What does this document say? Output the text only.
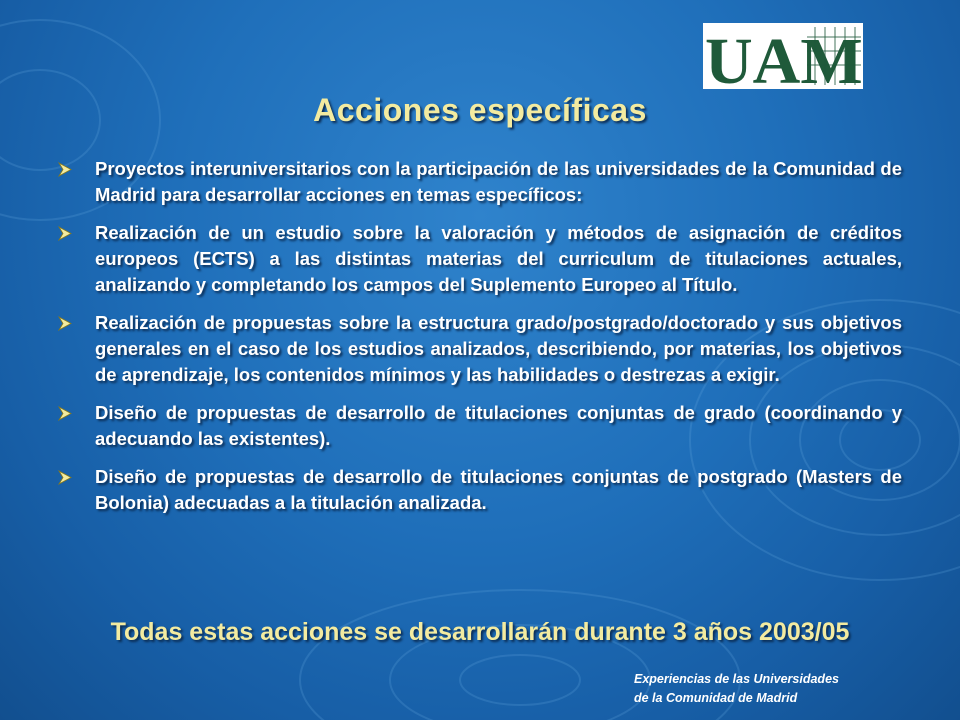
UAM
Acciones específicas
Proyectos interuniversitarios con la participación de las universidades de la Comunidad de Madrid para desarrollar acciones en temas específicos:
Realización de un estudio sobre la valoración y métodos de asignación de créditos europeos (ECTS) a las distintas materias del curriculum de titulaciones actuales, analizando y completando los campos del Suplemento Europeo al Título.
Realización de propuestas sobre la estructura grado/postgrado/doctorado y sus objetivos generales en el caso de los estudios analizados, describiendo, por materias, los objetivos de aprendizaje, los contenidos mínimos y las habilidades o destrezas a exigir.
Diseño de propuestas de desarrollo de titulaciones conjuntas de grado (coordinando y adecuando las existentes).
Diseño de propuestas de desarrollo de titulaciones conjuntas de postgrado (Masters de Bolonia) adecuadas a la titulación analizada.
Todas estas acciones se desarrollarán durante 3 años 2003/05
Experiencias de las Universidades
de la Comunidad de Madrid
